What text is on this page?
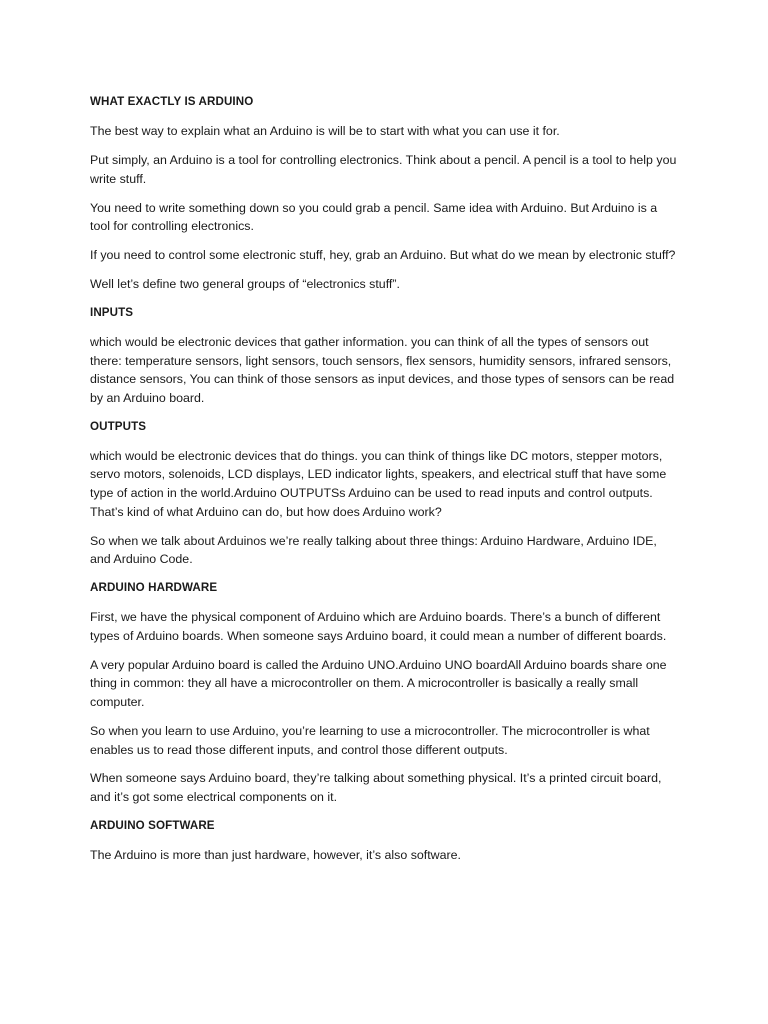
WHAT EXACTLY IS ARDUINO

The best way to explain what an Arduino is will be to start with what you can use it for.

Put simply, an Arduino is a tool for controlling electronics. Think about a pencil. A pencil is a tool to help you write stuff.

You need to write something down so you could grab a pencil. Same idea with Arduino. But Arduino is a tool for controlling electronics.

If you need to control some electronic stuff, hey, grab an Arduino. But what do we mean by electronic stuff?

Well let’s define two general groups of “electronics stuff”.

INPUTS

which would be electronic devices that gather information. you can think of all the types of sensors out there: temperature sensors, light sensors, touch sensors, flex sensors, humidity sensors, infrared sensors, distance sensors, You can think of those sensors as input devices, and those types of sensors can be read by an Arduino board.

OUTPUTS

which would be electronic devices that do things. you can think of things like DC motors, stepper motors, servo motors, solenoids, LCD displays, LED indicator lights, speakers, and electrical stuff that have some type of action in the world.Arduino OUTPUTSs Arduino can be used to read inputs and control outputs. That’s kind of what Arduino can do, but how does Arduino work?

So when we talk about Arduinos we’re really talking about three things: Arduino Hardware, Arduino IDE, and Arduino Code.

ARDUINO HARDWARE

First, we have the physical component of Arduino which are Arduino boards. There’s a bunch of different types of Arduino boards. When someone says Arduino board, it could mean a number of different boards.

A very popular Arduino board is called the Arduino UNO.Arduino UNO boardAll Arduino boards share one thing in common: they all have a microcontroller on them. A microcontroller is basically a really small computer.

So when you learn to use Arduino, you’re learning to use a microcontroller. The microcontroller is what enables us to read those different inputs, and control those different outputs.

When someone says Arduino board, they’re talking about something physical. It’s a printed circuit board, and it’s got some electrical components on it.

ARDUINO SOFTWARE

The Arduino is more than just hardware, however, it’s also software.
